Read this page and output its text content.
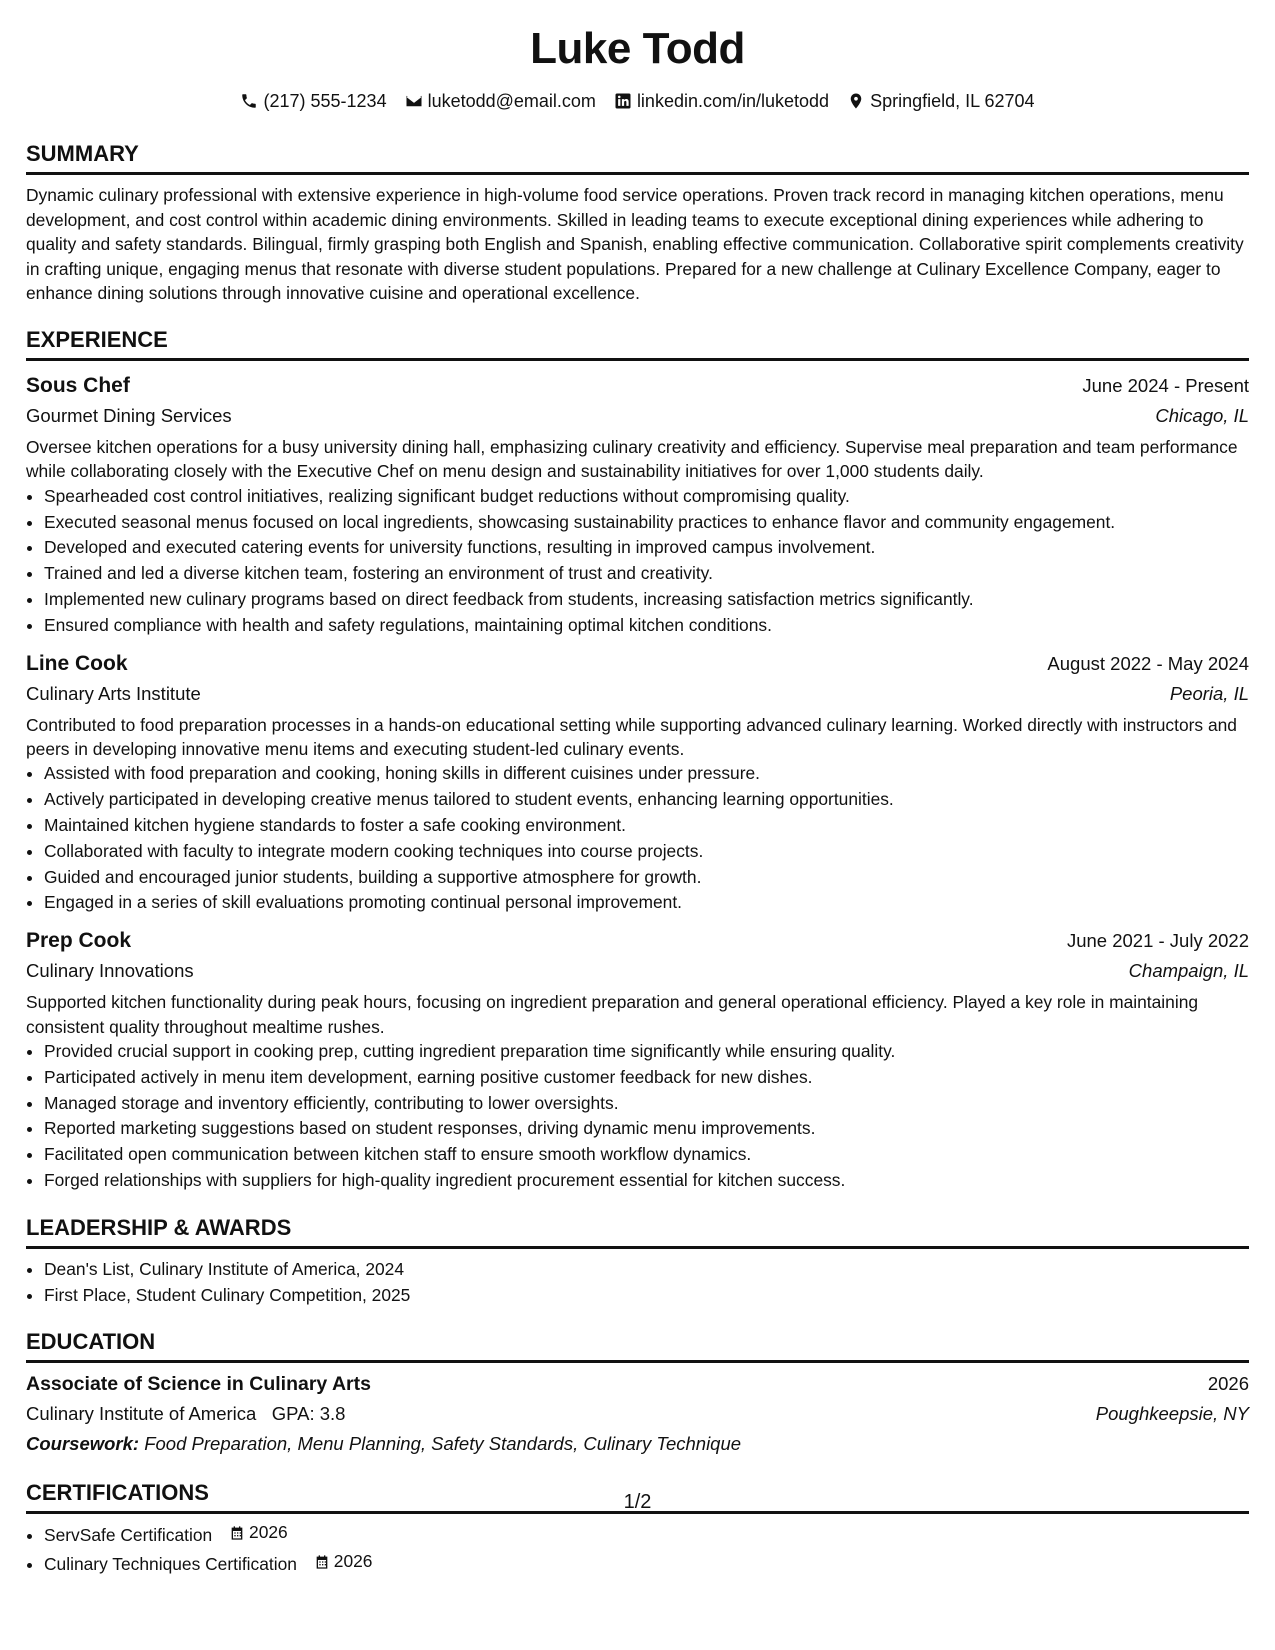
Luke Todd
(217) 555-1234 luketodd@email.com linkedin.com/in/luketodd Springfield, IL 62704
SUMMARY
Dynamic culinary professional with extensive experience in high-volume food service operations. Proven track record in managing kitchen operations, menu development, and cost control within academic dining environments. Skilled in leading teams to execute exceptional dining experiences while adhering to quality and safety standards. Bilingual, firmly grasping both English and Spanish, enabling effective communication. Collaborative spirit complements creativity in crafting unique, engaging menus that resonate with diverse student populations. Prepared for a new challenge at Culinary Excellence Company, eager to enhance dining solutions through innovative cuisine and operational excellence.
EXPERIENCE
Sous Chef	June 2024 - Present
Gourmet Dining Services	Chicago, IL
Oversee kitchen operations for a busy university dining hall, emphasizing culinary creativity and efficiency. Supervise meal preparation and team performance while collaborating closely with the Executive Chef on menu design and sustainability initiatives for over 1,000 students daily.
• Spearheaded cost control initiatives, realizing significant budget reductions without compromising quality.
• Executed seasonal menus focused on local ingredients, showcasing sustainability practices to enhance flavor and community engagement.
• Developed and executed catering events for university functions, resulting in improved campus involvement.
• Trained and led a diverse kitchen team, fostering an environment of trust and creativity.
• Implemented new culinary programs based on direct feedback from students, increasing satisfaction metrics significantly.
• Ensured compliance with health and safety regulations, maintaining optimal kitchen conditions.
Line Cook	August 2022 - May 2024
Culinary Arts Institute	Peoria, IL
Contributed to food preparation processes in a hands-on educational setting while supporting advanced culinary learning. Worked directly with instructors and peers in developing innovative menu items and executing student-led culinary events.
• Assisted with food preparation and cooking, honing skills in different cuisines under pressure.
• Actively participated in developing creative menus tailored to student events, enhancing learning opportunities.
• Maintained kitchen hygiene standards to foster a safe cooking environment.
• Collaborated with faculty to integrate modern cooking techniques into course projects.
• Guided and encouraged junior students, building a supportive atmosphere for growth.
• Engaged in a series of skill evaluations promoting continual personal improvement.
Prep Cook	June 2021 - July 2022
Culinary Innovations	Champaign, IL
Supported kitchen functionality during peak hours, focusing on ingredient preparation and general operational efficiency. Played a key role in maintaining consistent quality throughout mealtime rushes.
• Provided crucial support in cooking prep, cutting ingredient preparation time significantly while ensuring quality.
• Participated actively in menu item development, earning positive customer feedback for new dishes.
• Managed storage and inventory efficiently, contributing to lower oversights.
• Reported marketing suggestions based on student responses, driving dynamic menu improvements.
• Facilitated open communication between kitchen staff to ensure smooth workflow dynamics.
• Forged relationships with suppliers for high-quality ingredient procurement essential for kitchen success.
LEADERSHIP & AWARDS
• Dean's List, Culinary Institute of America, 2024
• First Place, Student Culinary Competition, 2025
EDUCATION
Associate of Science in Culinary Arts	2026
Culinary Institute of America GPA: 3.8	Poughkeepsie, NY
Coursework: Food Preparation, Menu Planning, Safety Standards, Culinary Technique
CERTIFICATIONS
• ServSafe Certification 2026
• Culinary Techniques Certification 2026
1/2
